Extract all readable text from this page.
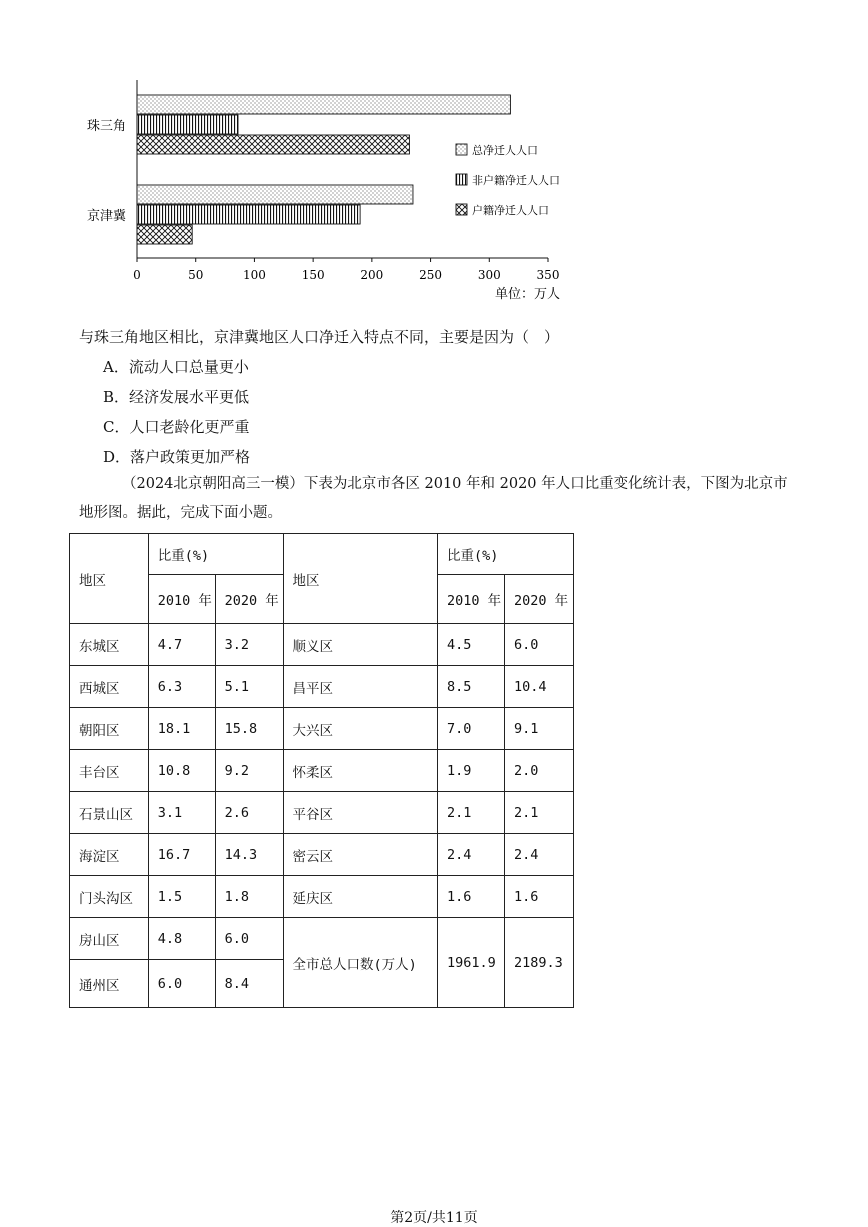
珠三角
京津冀
0	50	100	150	200	250	300	350
单位：万人
总净迁人人口
非户籍净迁人人口
户籍净迁人人口
与珠三角地区相比，京津冀地区人口净迁入特点不同，主要是因为（　）
A．流动人口总量更小
B．经济发展水平更低
C．人口老龄化更严重
D．落户政策更加严格
（2024北京朝阳高三一模）下表为北京市各区 2010 年和 2020 年人口比重变化统计表，下图为北京市
地形图。据此，完成下面小题。
地区	比重(%)		地区	比重(%)	
	2010 年	2020 年		2010 年	2020 年
东城区	4.7	3.2	顺义区	4.5	6.0
西城区	6.3	5.1	昌平区	8.5	10.4
朝阳区	18.1	15.8	大兴区	7.0	9.1
丰台区	10.8	9.2	怀柔区	1.9	2.0
石景山区	3.1	2.6	平谷区	2.1	2.1
海淀区	16.7	14.3	密云区	2.4	2.4
门头沟区	1.5	1.8	延庆区	1.6	1.6
房山区	4.8	6.0	全市总人口数(万人)	1961.9	2189.3
通州区	6.0	8.4			
第2页/共11页
